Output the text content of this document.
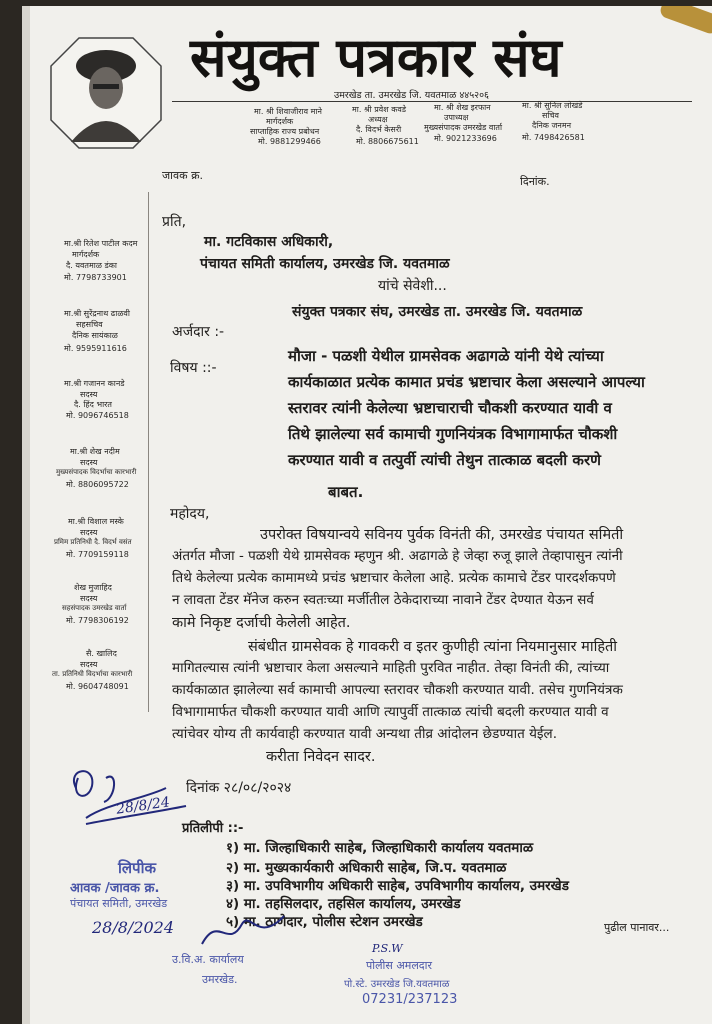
संयुक्त पत्रकार संघ
उमरखेड ता. उमरखेड जि. यवतमाळ ४४५२०६
मा. श्री शिवाजीराव माने
मार्गदर्शक
साप्ताहिक राज्य प्रबोधन
मो. 9881299466
मा. श्री प्रवेश कवडे
अध्यक्ष
दै. विदर्भ केसरी
मो. 8806675611
मा. श्री शेख इरफान
उपाध्यक्ष
मुख्यसंपादक उमरखेड वार्ता
मो. 9021233696
मा. श्री सुनिल लोखंडे
सचिव
दैनिक जनमन
मो. 7498426581
जावक क्र.	दिनांक.
मा.श्री रितेश पाटील कदम
मार्गदर्शक
दै. यवतमाळ डंका
मो. 7798733901
मा.श्री सुरेंद्रनाथ ढाळवी
सहसचिव
दैनिक सायंकाळ
मो. 9595911616
मा.श्री गजानन कानडे
सदस्य
दै. हिंद भारत
मो. 9096746518
मा.श्री शेख नदीम
सदस्य
मुख्यसंपादक विदर्भाचा कारभारी
मो. 8806095722
मा.श्री विशाल मस्के
सदस्य
प्रमिम प्रतिनिधी दै. विदर्भ वसंत
मो. 7709159118
शेख मुजाहिद
सदस्य
सहसंपादक उमरखेड वार्ता
मो. 7798306192
सै. खालिद
सदस्य
ता. प्रतिनिधी विदर्भाचा कारभारी
मो. 9604748091
प्रति,
मा. गटविकास अधिकारी,
पंचायत समिती कार्यालय, उमरखेड जि. यवतमाळ
यांचे सेवेशी...
अर्जदार :-
संयुक्त पत्रकार संघ, उमरखेड ता. उमरखेड जि. यवतमाळ
विषय ::-
मौजा - पळशी येथील ग्रामसेवक अढागळे यांनी येथे त्यांच्या
कार्यकाळात प्रत्येक कामात प्रचंड भ्रष्टाचार केला असल्याने आपल्या
स्तरावर त्यांनी केलेल्या भ्रष्टाचाराची चौकशी करण्यात यावी व
तिथे झालेल्या सर्व कामाची गुणनियंत्रक विभागामार्फत चौकशी
करण्यात यावी व तत्पुर्वी त्यांची तेथुन तात्काळ बदली करणे
बाबत.
महोदय,
उपरोक्त विषयान्वये सविनय पुर्वक विनंती की, उमरखेड पंचायत समिती
अंतर्गत मौजा - पळशी येथे ग्रामसेवक म्हणुन श्री. अढागळे हे जेव्हा रुजू झाले तेव्हापासुन त्यांनी
तिथे केलेल्या प्रत्येक कामामध्ये प्रचंड भ्रष्टाचार केलेला आहे. प्रत्येक कामाचे टेंडर पारदर्शकपणे
न लावता टेंडर मॅनेज करुन स्वतःच्या मर्जीतील ठेकेदाराच्या नावाने टेंडर देण्यात येऊन सर्व
कामे निकृष्ट दर्जाची केलेली आहेत.
संबंधीत ग्रामसेवक हे गावकरी व इतर कुणीही त्यांना नियमानुसार माहिती
मागितल्यास त्यांनी भ्रष्टाचार केला असल्याने माहिती पुरवित नाहीत. तेव्हा विनंती की, त्यांच्या
कार्यकाळात झालेल्या सर्व कामाची आपल्या स्तरावर चौकशी करण्यात यावी. तसेच गुणनियंत्रक
विभागामार्फत चौकशी करण्यात यावी आणि त्यापुर्वी तात्काळ त्यांची बदली करण्यात यावी व
त्यांचेवर योग्य ती कार्यवाही करण्यात यावी अन्यथा तीव्र आंदोलन छेडण्यात येईल.
करीता निवेदन सादर.
दिनांक २८/०८/२०२४
प्रतिलीपी ::-
१) मा. जिल्हाधिकारी साहेब, जिल्हाधिकारी कार्यालय यवतमाळ
२) मा. मुख्यकार्यकारी अधिकारी साहेब, जि.प. यवतमाळ
३) मा. उपविभागीय अधिकारी साहेब, उपविभागीय कार्यालय, उमरखेड
४) मा. तहसिलदार, तहसिल कार्यालय, उमरखेड
५) मा. ठाणेदार, पोलीस स्टेशन उमरखेड	पुढील पानावर...
28/8/24
लिपीक
आवक /जावक क्र.
पंचायत समिती, उमरखेड
28/8/2024
उ.वि.अ. कार्यालय
उमरखेड.
P.S.W
पोलीस अमलदार
पो.स्टे. उमरखेड जि.यवतमाळ
07231/237123
